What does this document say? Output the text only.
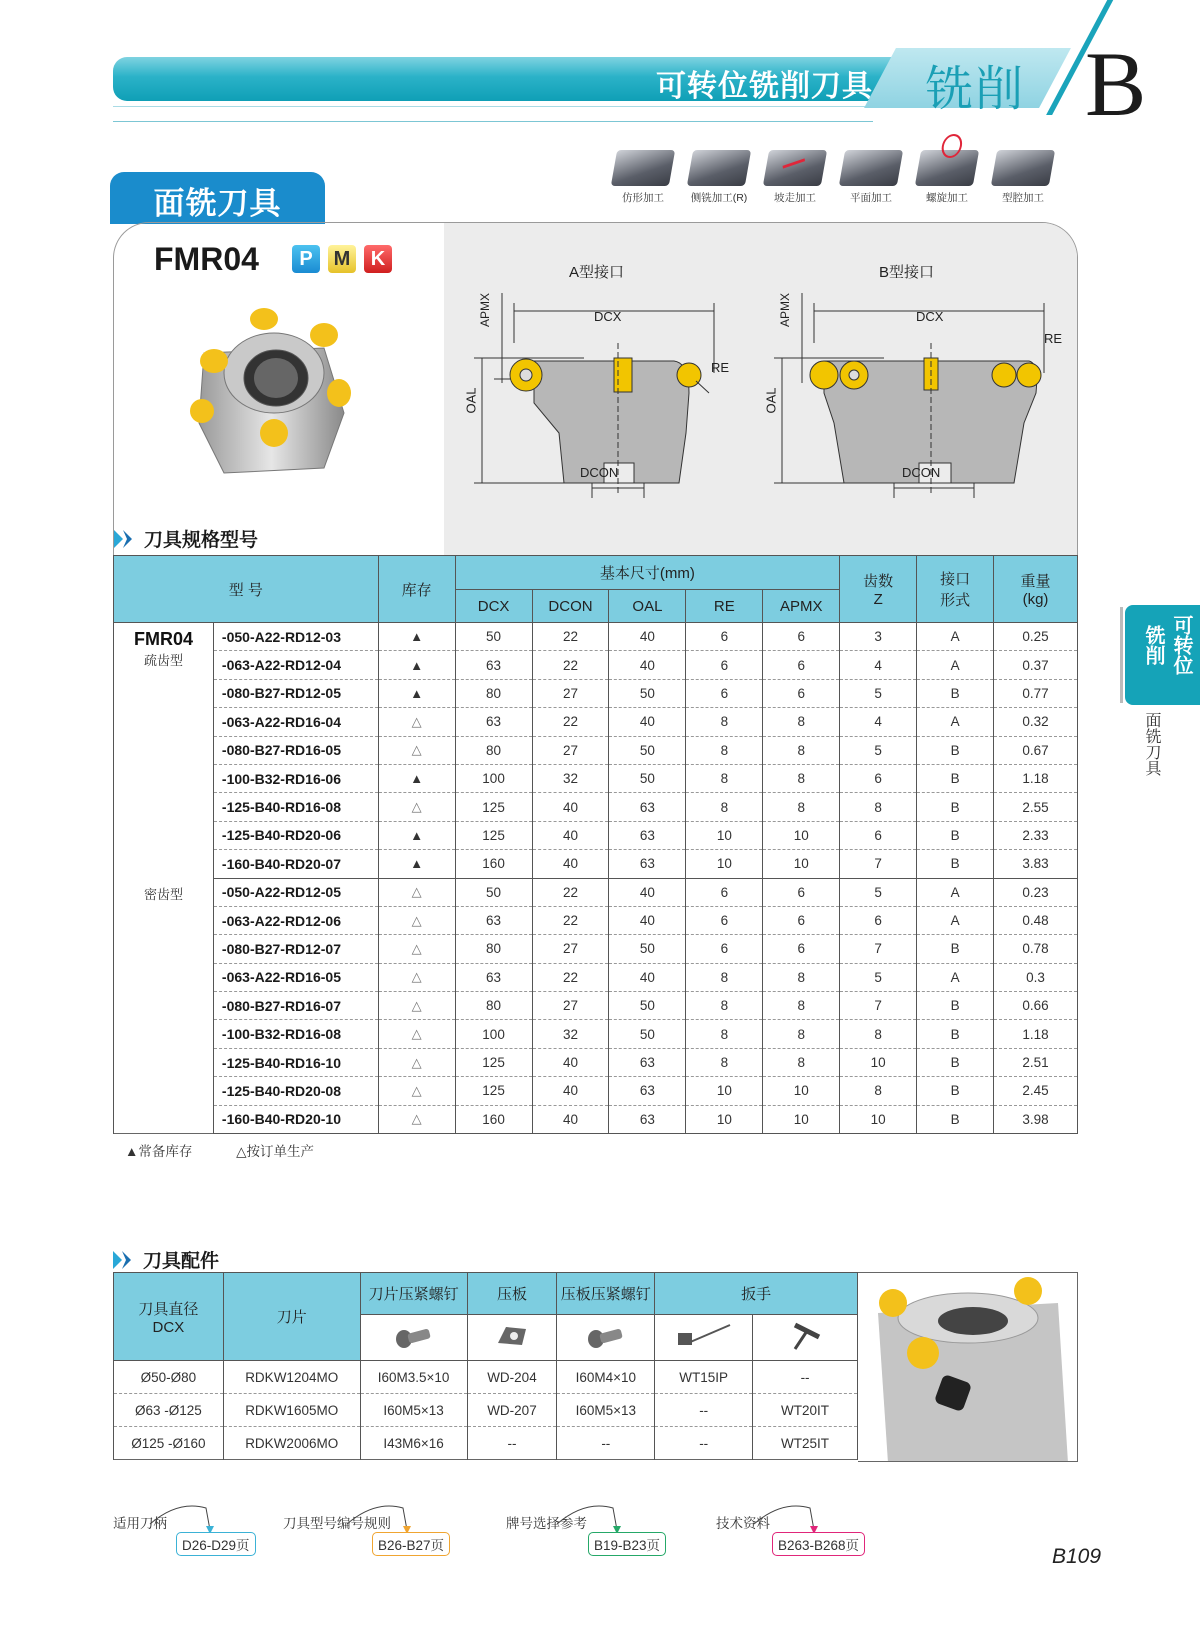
可转位铣削刀具 铣削 B
面铣刀具	仿形加工	侧铣加工(R)	坡走加工	平面加工	螺旋加工	型腔加工
A型接口
DCX
RE
DCON
OAL
APMX
B型接口
DCX
RE
DCON
OAL
APMX
FMR04	P	M	K
刀具规格型号
型 号		库存	基本尺寸(mm)					齿数
Z	接口
形式	重量
(kg)
			DCX	DCON	OAL	RE	APMX			

FMR04
疏齿型	-050-A22-RD12-03	▲	50	22	40	6	6	3	A	0.25
	-063-A22-RD12-04	▲	63	22	40	6	6	4	A	0.37
	-080-B27-RD12-05	▲	80	27	50	6	6	5	B	0.77
	-063-A22-RD16-04	△	63	22	40	8	8	4	A	0.32
	-080-B27-RD16-05	△	80	27	50	8	8	5	B	0.67
	-100-B32-RD16-06	▲	100	32	50	8	8	6	B	1.18
	-125-B40-RD16-08	△	125	40	63	8	8	8	B	2.55
	-125-B40-RD20-06	▲	125	40	63	10	10	6	B	2.33
	-160-B40-RD20-07	▲	160	40	63	10	10	7	B	3.83
密齿型	-050-A22-RD12-05	△	50	22	40	6	6	5	A	0.23
	-063-A22-RD12-06	△	63	22	40	6	6	6	A	0.48
	-080-B27-RD12-07	△	80	27	50	6	6	7	B	0.78
	-063-A22-RD16-05	△	63	22	40	8	8	5	A	0.3
	-080-B27-RD16-07	△	80	27	50	8	8	7	B	0.66
	-100-B32-RD16-08	△	100	32	50	8	8	8	B	1.18
	-125-B40-RD16-10	△	125	40	63	8	8	10	B	2.51
	-125-B40-RD20-08	△	125	40	63	10	10	8	B	2.45
	-160-B40-RD20-10	△	160	40	63	10	10	10	B	3.98
▲常备库存	△按订单生产
铣削 可转位
面铣刀具
刀具配件
刀具直径
DCX	刀片	刀片压紧螺钉	压板	压板压紧螺钉	扳手	

Ø50-Ø80	RDKW1204MO	I60M3.5×10	WD-204	I60M4×10	WT15IP	--
Ø63 -Ø125	RDKW1605MO	I60M5×13	WD-207	I60M5×13	--	WT20IT
Ø125 -Ø160	RDKW2006MO	I43M6×16	--	--	--	WT25IT
适用刀柄
D26-D29页
刀具型号编号规则
B26-B27页
牌号选择参考
B19-B23页
技术资料
B263-B268页	B109
